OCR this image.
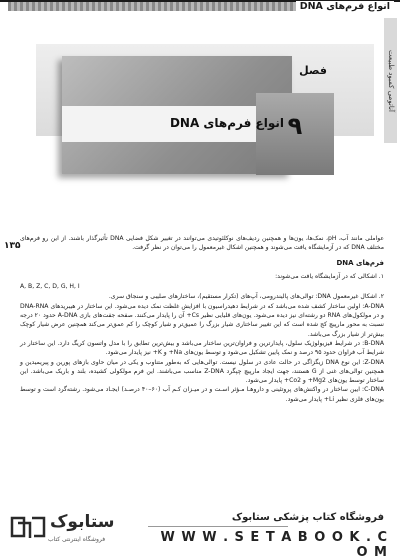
انواع فرم‌های DNA
آناتومی کمبود طبیعت
فصل
۹
انواع فرم‌های DNA
۱۳۵

عواملی مانند آب، pH، نمک‌ها، یون‌ها و همچنین ردیف‌های نوکلئوتیدی می‌توانند در تغییر شکل فضایی DNA تأثیرگذار باشند. از این رو فرم‌های مختلف DNA که در آزمایشگاه یافت می‌شوند و همچنین اشکال غیرمعمول را می‌توان در نظر گرفت.

فرم‌های DNA

۱. اشکالی که در آزمایشگاه یافت می‌شوند:

A, B, Z, C, D, G, H, I

۲. اشکال غیرمعمول DNA: توالی‌های پالیندرومی، آپ‌های (تکرار مستقیم)، ساختارهای صلیبی و سنجاق سری.

A-DNA: اولین ساختار کشف شده می‌باشد که در شرایط دهیدراسیون با افزایش غلظت نمک دیده می‌شود. این ساختار در هیبریدهای DNA-RNA و در مولکول‌های RNA دو رشته‌ای نیز دیده می‌شود. یون‌های قلیایی نظیر Cs+ آن را پایدار می‌کنند. صفحه جفت‌های بازی A-DNA حدود ۲۰ درجه نسبت به محور مارپیچ کج شده است که این تغییر ساختاری شیار بزرگ را عمیق‌تر و شیار کوچک را کم عمق‌تر می‌کند همچنین عرض شیار کوچک بیش‌تر از شیار بزرگ می‌باشد.

B-DNA: در شرایط فیزیولوژیک سلول، پایدارترین و فراوان‌ترین ساختار می‌باشد و بیش‌ترین تطابق را با مدل واتسون کریگ دارد. این ساختار در شرایط آب فراوان حدود ۹۵ درصد و نمک پایین تشکیل می‌شود و توسط یون‌های Na+ و K+ نیز پایدار می‌شود.

Z-DNA: این نوع DNA زیگزاگی در حالت عادی در سلول نیست. توالی‌هایی که به‌طور متناوب و یکی در میان حاوی بازهای پورین و پیریمیدین و همچنین توالی‌های غنی از G هستند، جهت ایجاد مارپیچ چپگرد Z-DNA مناسب می‌باشند. این فرم مولکولی کشیده، بلند و باریک می‌باشد. این ساختار توسط یون‌های Mg2+ و Co2+ پایدار می‌شود.

C-DNA: ایین ساختار در واکنش‌های پروتئینی و داروهـا مـؤثر اسـت و در میـزان کـم آب (۶۰–۴۰ درصـد) ایجـاد می‌شود. رشته‌گرد است و توسط یون‌های فلزی نظیر Li+ پایدار می‌شود.

فروشگاه کتاب پزشکی ستابوک
W W W . S E T A B O O K . C O M
ستابوک
فروشگاه اینترنتی کتاب
